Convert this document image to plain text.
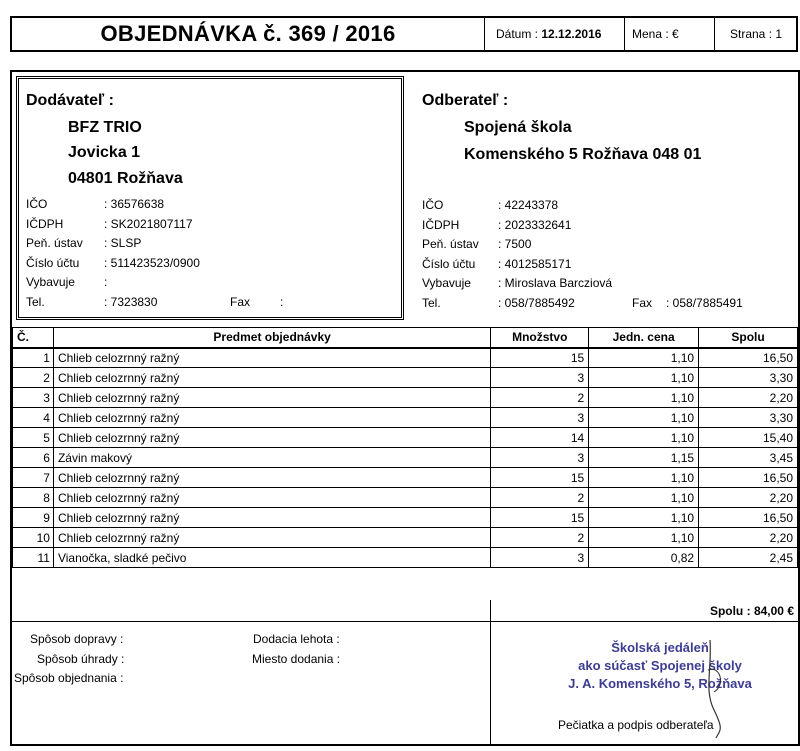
OBJEDNÁVKA č. 369 / 2016	Dátum : 12.12.2016	Mena : €	Strana : 1
Dodávateľ :
BFZ TRIO
Jovicka 1
04801 Rožňava
IČO	: 36576638
IČDPH	: SK2021807117
Peň. ústav : SLSP
Číslo účtu : 511423523/0900
Vybavuje :
Tel.	: 7323830	Fax :
Odberateľ :
Spojená škola
Komenského 5 Rožňava 048 01
IČO	: 42243378
IČDPH	: 2023332641
Peň. ústav : 7500
Číslo účtu : 4012585171
Vybavuje : Miroslava Barcziová
Tel.	: 058/7885492	Fax : 058/7885491
Č.	Predmet objednávky	Množstvo	Jedn. cena	Spolu
1	Chlieb celozrnný ražný	15	1,10	16,50
2	Chlieb celozrnný ražný	3	1,10	3,30
3	Chlieb celozrnný ražný	2	1,10	2,20
4	Chlieb celozrnný ražný	3	1,10	3,30
5	Chlieb celozrnný ražný	14	1,10	15,40
6	Závin makový	3	1,15	3,45
7	Chlieb celozrnný ražný	15	1,10	16,50
8	Chlieb celozrnný ražný	2	1,10	2,20
9	Chlieb celozrnný ražný	15	1,10	16,50
10	Chlieb celozrnný ražný	2	1,10	2,20
11	Vianočka, sladké pečivo	3	0,82	2,45
Spolu : 84,00 €
Spôsob dopravy :
Spôsob úhrady :
Spôsob objednania :
Dodacia lehota :
Miesto dodania :
Školská jedáleň
ako súčasť Spojenej školy
J. A. Komenského 5, Rožňava
Pečiatka a podpis odberateľa
